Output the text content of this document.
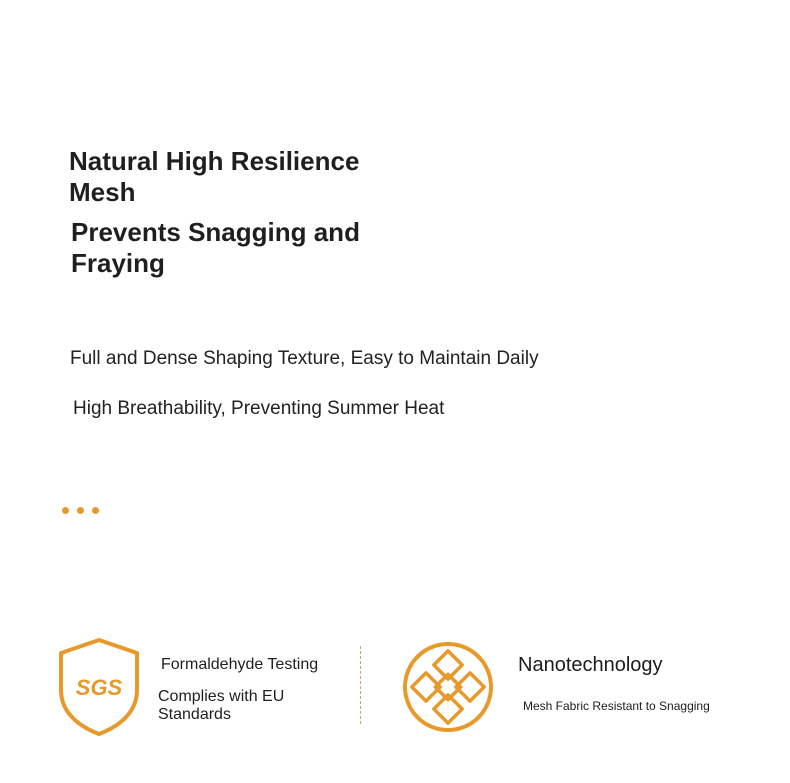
Natural High Resilience Mesh
Prevents Snagging and Fraying
Full and Dense Shaping Texture, Easy to Maintain Daily
High Breathability, Preventing Summer Heat
SGS
Formaldehyde Testing
Complies with EU Standards
Nanotechnology
Mesh Fabric Resistant to Snagging
